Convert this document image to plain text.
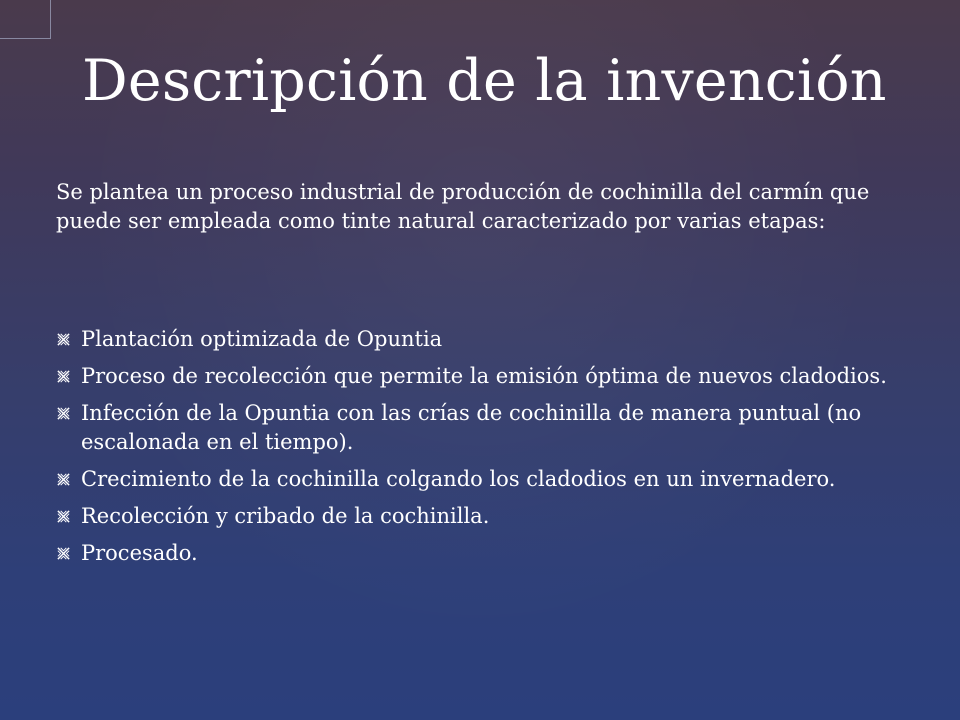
Descripción de la invención

Se plantea un proceso industrial de producción de cochinilla del carmín que puede ser empleada como tinte natural caracterizado por varias etapas:

Plantación optimizada de Opuntia
Proceso de recolección que permite la emisión óptima de nuevos cladodios.
Infección de la Opuntia con las crías de cochinilla de manera puntual (no escalonada en el tiempo).
Crecimiento de la cochinilla colgando los cladodios en un invernadero.
Recolección y cribado de la cochinilla.
Procesado.
